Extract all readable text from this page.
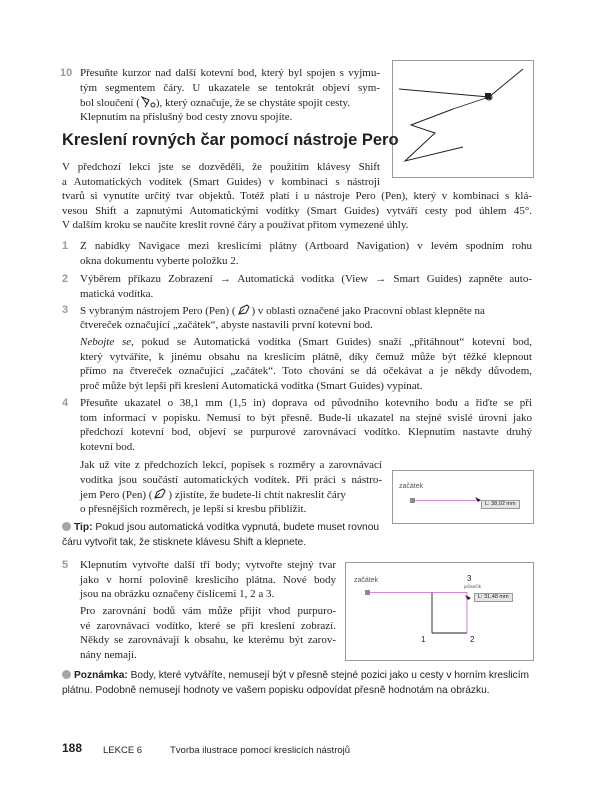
10 Přesuňte kurzor nad další kotevní bod, který byl spojen s vyjmu-
tým segmentem čáry. U ukazatele se tentokrát objeví sym-
bol sloučení ( ), který označuje, že se chystáte spojit cesty.
Klepnutím na příslušný bod cesty znovu spojíte.
Kreslení rovných čar pomocí nástroje Pero
V předchozí lekci jste se dozvěděli, že použitím klávesy Shift
a Automatických vodítek (Smart Guides) v kombinaci s nástroji
tvarů si vynutíte určitý tvar objektů. Totéž platí i u nástroje Pero (Pen), který v kombinaci s klá-
vesou Shift a zapnutými Automatickými vodítky (Smart Guides) vytváří cesty pod úhlem 45°.
V dalším kroku se naučíte kreslit rovné čáry a používat přitom vymezené úhly.
1 Z nabídky Navigace mezi kreslicími plátny (Artboard Navigation) v levém spodním rohu
okna dokumentu vyberte položku 2.
2 Výběrem příkazu Zobrazení → Automatická vodítka (View → Smart Guides) zapněte auto-
matická vodítka.
3 S vybraným nástrojem Pero (Pen) ( ) v oblasti označené jako Pracovní oblast klepněte na
čtvereček označující „začátek“, abyste nastavili první kotevní bod.
Nebojte se, pokud se Automatická vodítka (Smart Guides) snaží „přitáhnout“ kotevní bod,
který vytváříte, k jinému obsahu na kreslicím plátně, díky čemuž může být těžké klepnout
přímo na čtvereček označující „začátek“. Toto chování se dá očekávat a je někdy důvodem,
proč může být lepší při kreslení Automatická vodítka (Smart Guides) vypínat.
4 Přesuňte ukazatel o 38,1 mm (1,5 in) doprava od původního kotevního bodu a řiďte se při
tom informací v popisku. Nemusí to být přesně. Bude-li ukazatel na stejné svislé úrovni jako
předchozí kotevní bod, objeví se purpurové zarovnávací vodítko. Klepnutím nastavte druhý
kotevní bod.
Jak už víte z předchozích lekcí, popisek s rozměry a zarovnávací
vodítka jsou součástí automatických vodítek. Při práci s nástro-
jem Pero (Pen) ( ) zjistíte, že budete-li chtít nakreslit čáry
o přesnějších rozměrech, je lepší si kresbu přiblížit.
začátek
L: 38,02 mm
Tip: Pokud jsou automatická vodítka vypnutá, budete muset rovnou
čáru vytvořit tak, že stisknete klávesu Shift a klepnete.
5 Klepnutím vytvořte další tři body; vytvořte stejný tvar
jako v horní polovině kreslicího plátna. Nové body
jsou na obrázku označeny číslicemi 1, 2 a 3.
Pro zarovnání bodů vám může přijít vhod purpuro-
vé zarovnávací vodítko, které se při kreslení zobrazí.
Někdy se zarovnávají k obsahu, ke kterému být zarov-
nány nemají.
začátek	3
průsečík
L: 31,48 mm
1	2
Poznámka: Body, které vytváříte, nemusejí být v přesně stejné pozici jako u cesty v horním kreslicím
plátnu. Podobně nemusejí hodnoty ve vašem popisku odpovídat přesně hodnotám na obrázku.
188 LEKCE 6	Tvorba ilustrace pomocí kreslicích nástrojů
